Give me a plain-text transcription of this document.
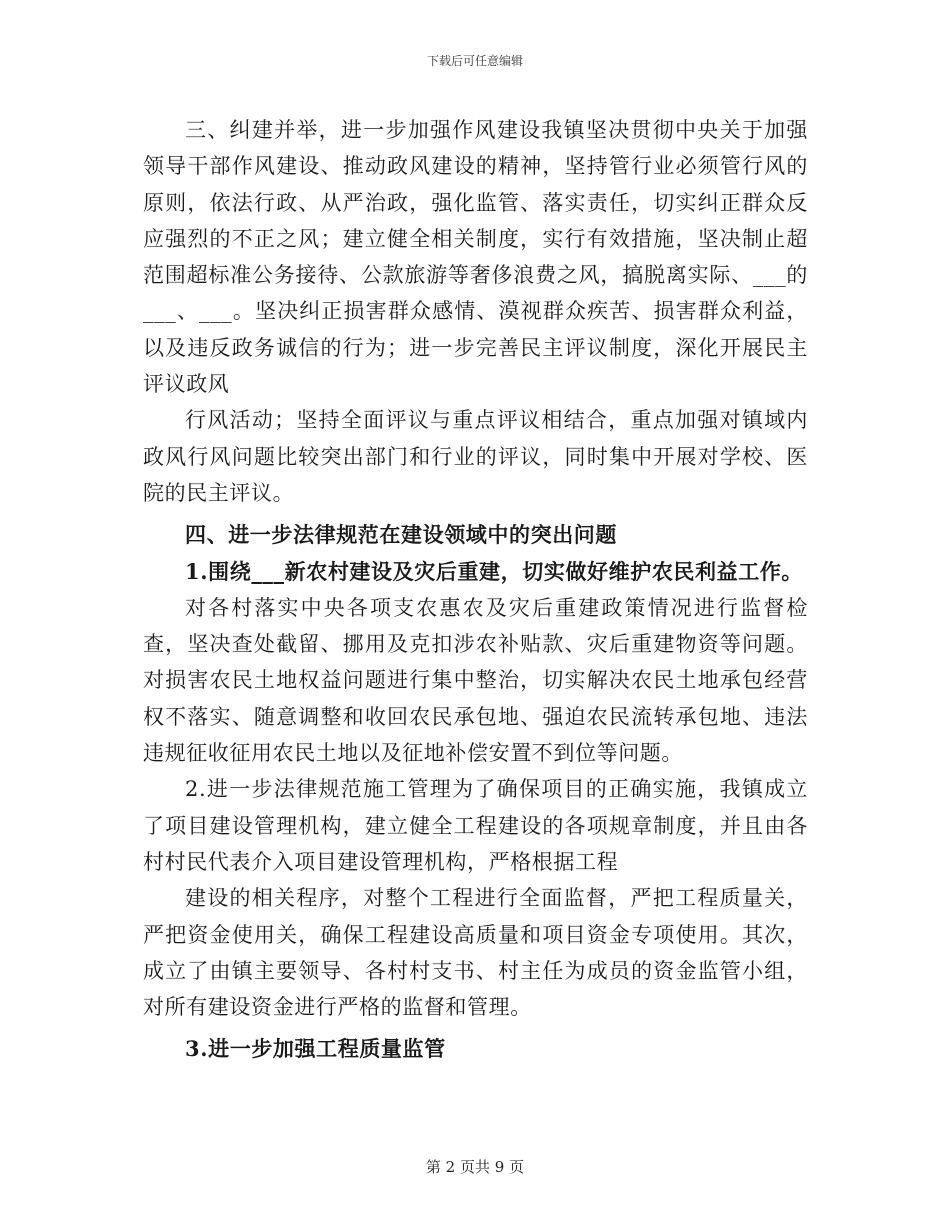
下载后可任意编辑

三、纠建并举，进一步加强作风建设我镇坚决贯彻中央关于加强领导干部作风建设、推动政风建设的精神，坚持管行业必须管行风的原则，依法行政、从严治政，强化监管、落实责任，切实纠正群众反应强烈的不正之风；建立健全相关制度，实行有效措施，坚决制止超范围超标准公务接待、公款旅游等奢侈浪费之风，搞脱离实际、___的___、___。坚决纠正损害群众感情、漠视群众疾苦、损害群众利益，以及违反政务诚信的行为；进一步完善民主评议制度，深化开展民主评议政风

行风活动；坚持全面评议与重点评议相结合，重点加强对镇域内政风行风问题比较突出部门和行业的评议，同时集中开展对学校、医院的民主评议。

四、进一步法律规范在建设领域中的突出问题

1.围绕___新农村建设及灾后重建，切实做好维护农民利益工作。

对各村落实中央各项支农惠农及灾后重建政策情况进行监督检查，坚决查处截留、挪用及克扣涉农补贴款、灾后重建物资等问题。对损害农民土地权益问题进行集中整治，切实解决农民土地承包经营权不落实、随意调整和收回农民承包地、强迫农民流转承包地、违法违规征收征用农民土地以及征地补偿安置不到位等问题。

2.进一步法律规范施工管理为了确保项目的正确实施，我镇成立了项目建设管理机构，建立健全工程建设的各项规章制度，并且由各村村民代表介入项目建设管理机构，严格根据工程

建设的相关程序，对整个工程进行全面监督，严把工程质量关，严把资金使用关，确保工程建设高质量和项目资金专项使用。其次，成立了由镇主要领导、各村村支书、村主任为成员的资金监管小组，对所有建设资金进行严格的监督和管理。

3.进一步加强工程质量监管

第 2 页共 9 页
